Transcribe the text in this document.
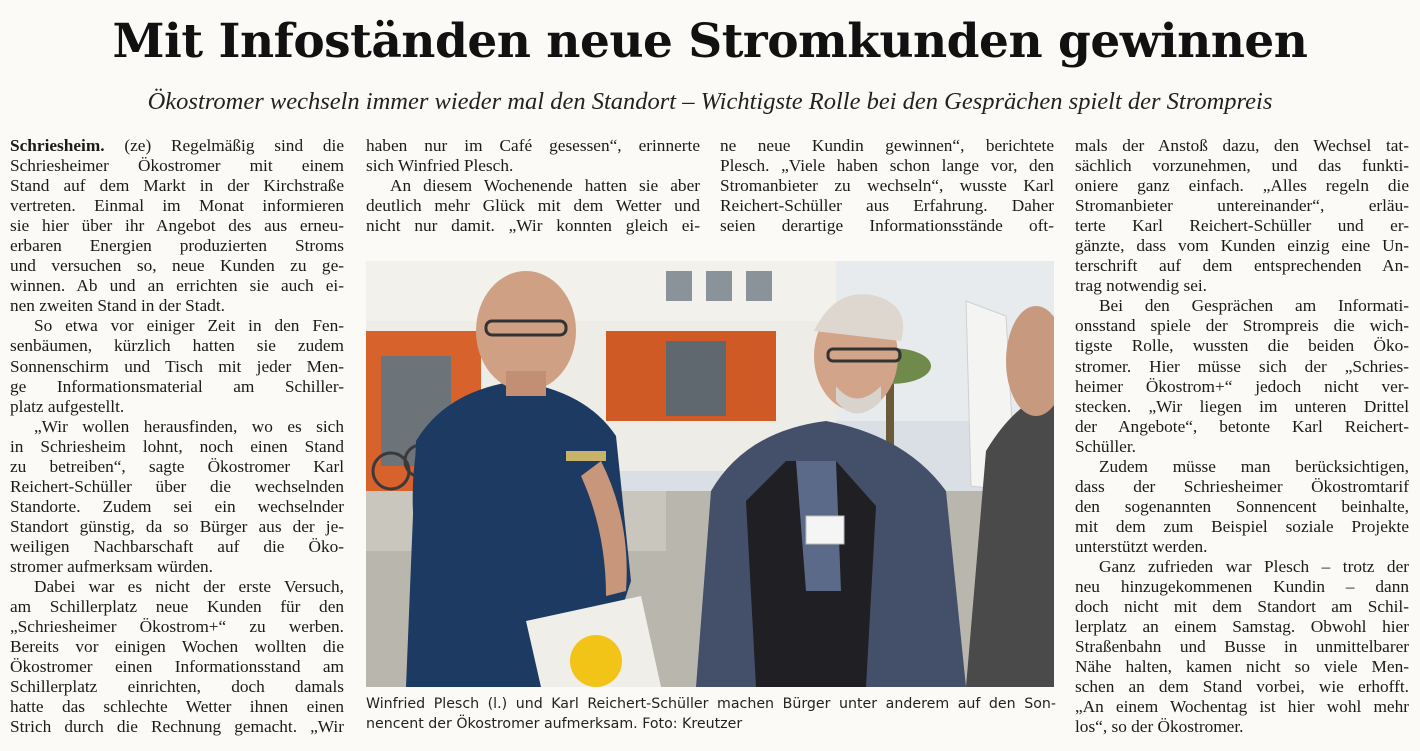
Mit Infoständen neue Stromkunden gewinnen
Ökostromer wechseln immer wieder mal den Standort – Wichtigste Rolle bei den Gesprächen spielt der Strompreis
Schriesheim. (ze) Regelmäßig sind die
Schriesheimer Ökostromer mit einem
Stand auf dem Markt in der Kirchstraße
vertreten. Einmal im Monat informieren
sie hier über ihr Angebot des aus erneu-
erbaren Energien produzierten Stroms
und versuchen so, neue Kunden zu ge-
winnen. Ab und an errichten sie auch ei-
nen zweiten Stand in der Stadt.
So etwa vor einiger Zeit in den Fen-
senbäumen, kürzlich hatten sie zudem
Sonnenschirm und Tisch mit jeder Men-
ge Informationsmaterial am Schiller-
platz aufgestellt.
„Wir wollen herausfinden, wo es sich
in Schriesheim lohnt, noch einen Stand
zu betreiben“, sagte Ökostromer Karl
Reichert-Schüller über die wechselnden
Standorte. Zudem sei ein wechselnder
Standort günstig, da so Bürger aus der je-
weiligen Nachbarschaft auf die Öko-
stromer aufmerksam würden.
Dabei war es nicht der erste Versuch,
am Schillerplatz neue Kunden für den
„Schriesheimer Ökostrom+“ zu werben.
Bereits vor einigen Wochen wollten die
Ökostromer einen Informationsstand am
Schillerplatz einrichten, doch damals
hatte das schlechte Wetter ihnen einen
Strich durch die Rechnung gemacht. „Wir
haben nur im Café gesessen“, erinnerte
sich Winfried Plesch.
An diesem Wochenende hatten sie aber
deutlich mehr Glück mit dem Wetter und
nicht nur damit. „Wir konnten gleich ei-
ne neue Kundin gewinnen“, berichtete
Plesch. „Viele haben schon lange vor, den
Stromanbieter zu wechseln“, wusste Karl
Reichert-Schüller aus Erfahrung. Daher
seien derartige Informationsstände oft-
mals der Anstoß dazu, den Wechsel tat-
sächlich vorzunehmen, und das funkti-
oniere ganz einfach. „Alles regeln die
Stromanbieter untereinander“, erläu-
terte Karl Reichert-Schüller und er-
gänzte, dass vom Kunden einzig eine Un-
terschrift auf dem entsprechenden An-
trag notwendig sei.
Bei den Gesprächen am Informati-
onsstand spiele der Strompreis die wich-
tigste Rolle, wussten die beiden Öko-
stromer. Hier müsse sich der „Schries-
heimer Ökostrom+“ jedoch nicht ver-
stecken. „Wir liegen im unteren Drittel
der Angebote“, betonte Karl Reichert-
Schüller.
Zudem müsse man berücksichtigen,
dass der Schriesheimer Ökostromtarif
den sogenannten Sonnencent beinhalte,
mit dem zum Beispiel soziale Projekte
unterstützt werden.
Ganz zufrieden war Plesch – trotz der
neu hinzugekommenen Kundin – dann
doch nicht mit dem Standort am Schil-
lerplatz an einem Samstag. Obwohl hier
Straßenbahn und Busse in unmittelbarer
Nähe halten, kamen nicht so viele Men-
schen an dem Stand vorbei, wie erhofft.
„An einem Wochentag ist hier wohl mehr
los“, so der Ökostromer.
Winfried Plesch (l.) und Karl Reichert-Schüller machen Bürger unter anderem auf den Son-
nencent der Ökostromer aufmerksam. Foto: Kreutzer
